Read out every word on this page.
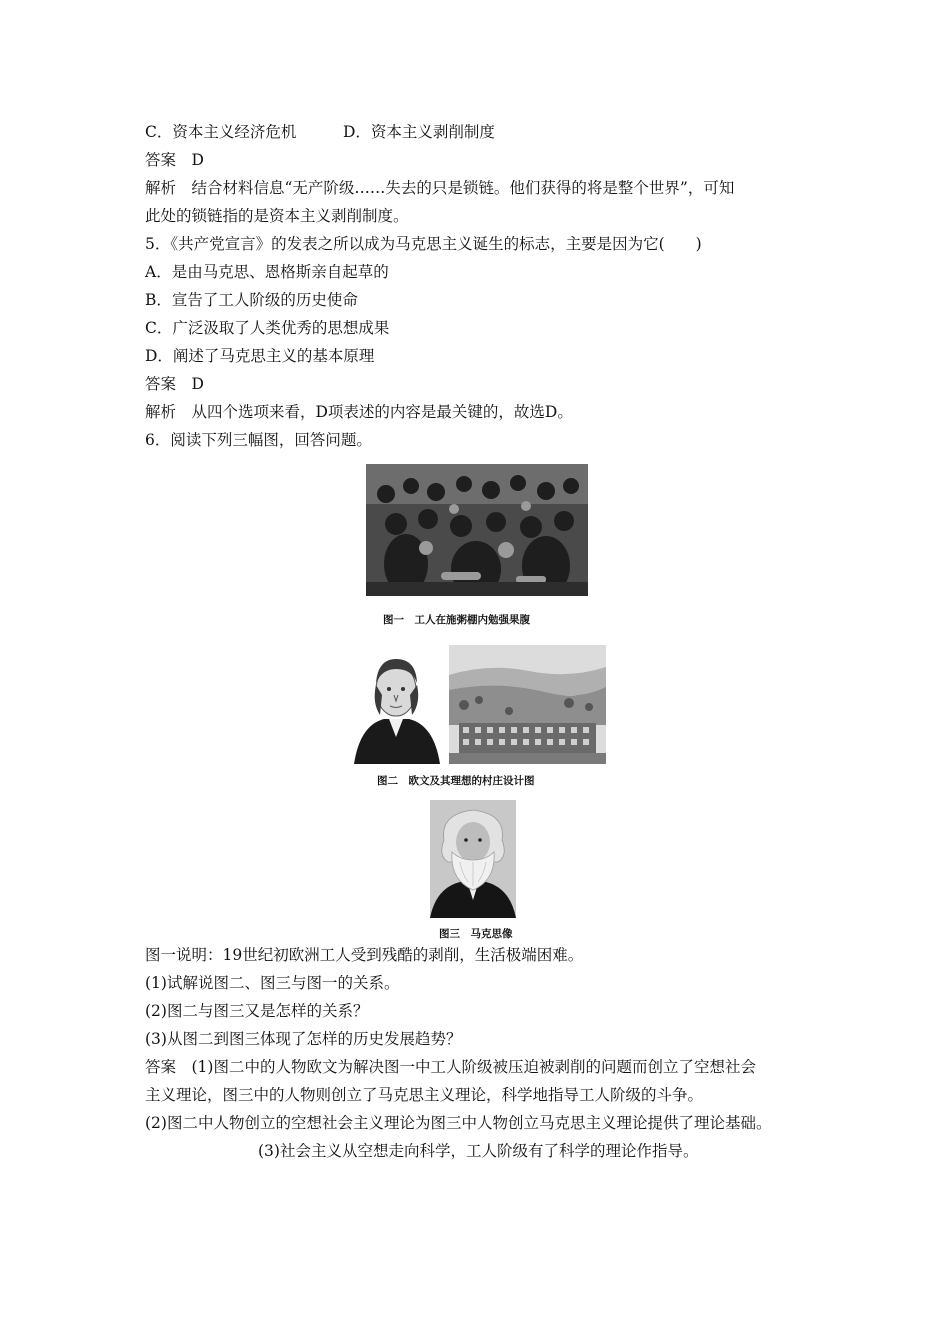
C．资本主义经济危机	D．资本主义剥削制度
答案　D
解析　结合材料信息“无产阶级……失去的只是锁链。他们获得的将是整个世界”，可知
此处的锁链指的是资本主义剥削制度。
5．《共产党宣言》的发表之所以成为马克思主义诞生的标志，主要是因为它(　　)
A．是由马克思、恩格斯亲自起草的
B．宣告了工人阶级的历史使命
C．广泛汲取了人类优秀的思想成果
D．阐述了马克思主义的基本原理
答案　D
解析　从四个选项来看，D项表述的内容是最关键的，故选D。
6．阅读下列三幅图，回答问题。
图一　工人在施粥棚内勉强果腹
图二　欧文及其理想的村庄设计图
图三　马克思像
图一说明：19世纪初欧洲工人受到残酷的剥削，生活极端困难。
(1)试解说图二、图三与图一的关系。
(2)图二与图三又是怎样的关系？
(3)从图二到图三体现了怎样的历史发展趋势？
答案　(1)图二中的人物欧文为解决图一中工人阶级被压迫被剥削的问题而创立了空想社会
主义理论，图三中的人物则创立了马克思主义理论，科学地指导工人阶级的斗争。
(2)图二中人物创立的空想社会主义理论为图三中人物创立马克思主义理论提供了理论基础。
(3)社会主义从空想走向科学，工人阶级有了科学的理论作指导。
